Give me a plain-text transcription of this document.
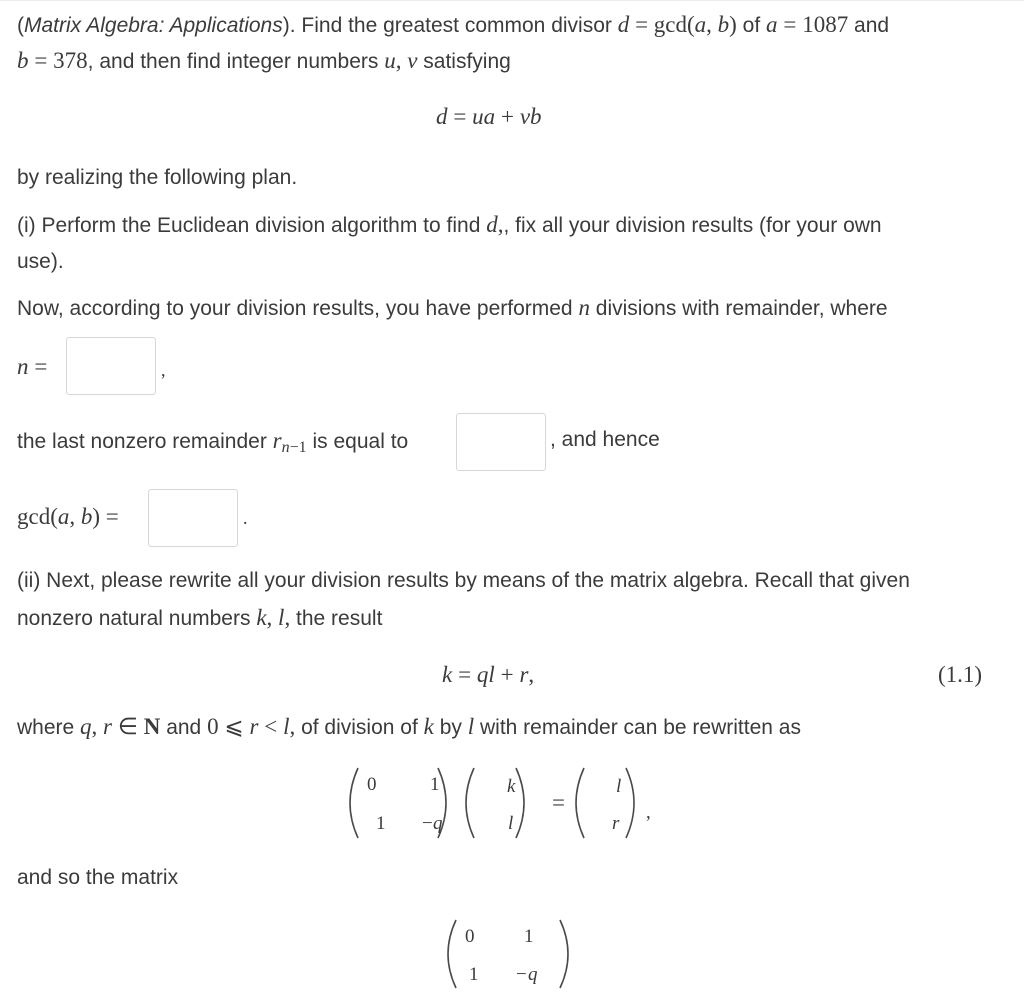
(Matrix Algebra: Applications). Find the greatest common divisor d = gcd(a, b) of a = 1087 and
b = 378, and then find integer numbers u, v satisfying
d = ua + vb
by realizing the following plan.
(i) Perform the Euclidean division algorithm to find d,, fix all your division results (for your own
use).
Now, according to your division results, you have performed n divisions with remainder, where
n =	,
the last nonzero remainder $r_{n-1}$ is equal to	, and hence
gcd(a, b) =	.
(ii) Next, please rewrite all your division results by means of the matrix algebra. Recall that given
nonzero natural numbers k, l, the result
k = ql + r,	(1.1)
where q, r ∈ N and 0 ⩽ r < l, of division of k by l with remainder can be rewritten as
0	1
1 − q
k
l
=
l
r
,
and so the matrix
0	1
1 − q
